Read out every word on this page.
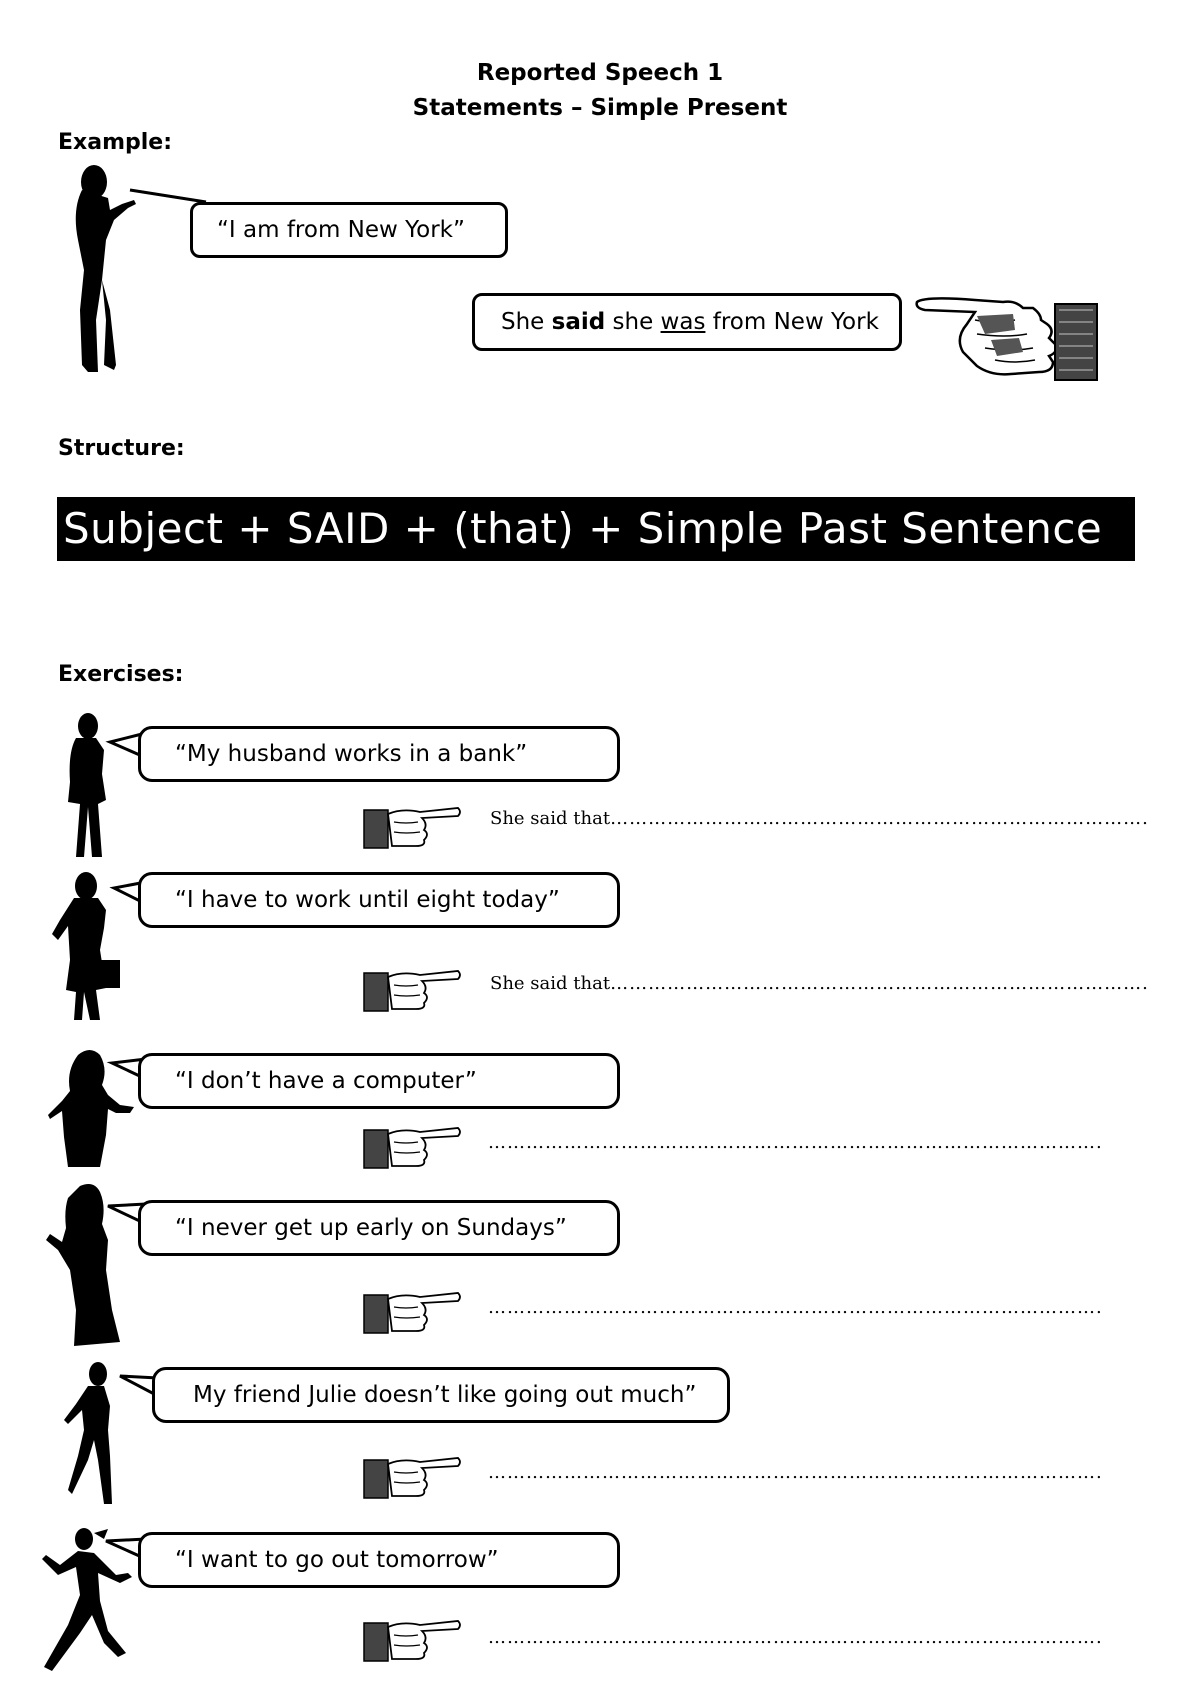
Reported Speech 1
Statements – Simple Present
Example:
“I am from New York”
She said she was from New York
Structure:
Subject + SAID + (that) + Simple Past Sentence
Exercises:
“My husband works in a bank”
She said that………………………………………………………………………….
“I have to work until eight today”
She said that………………………………………………………………………….
“I don’t have a computer”
…………………………………………………………………………………….
“I never get up early on Sundays”
…………………………………………………………………………………….
My friend Julie doesn’t like going out much”
…………………………………………………………………………………….
“I want to go out tomorrow”
…………………………………………………………………………………….
